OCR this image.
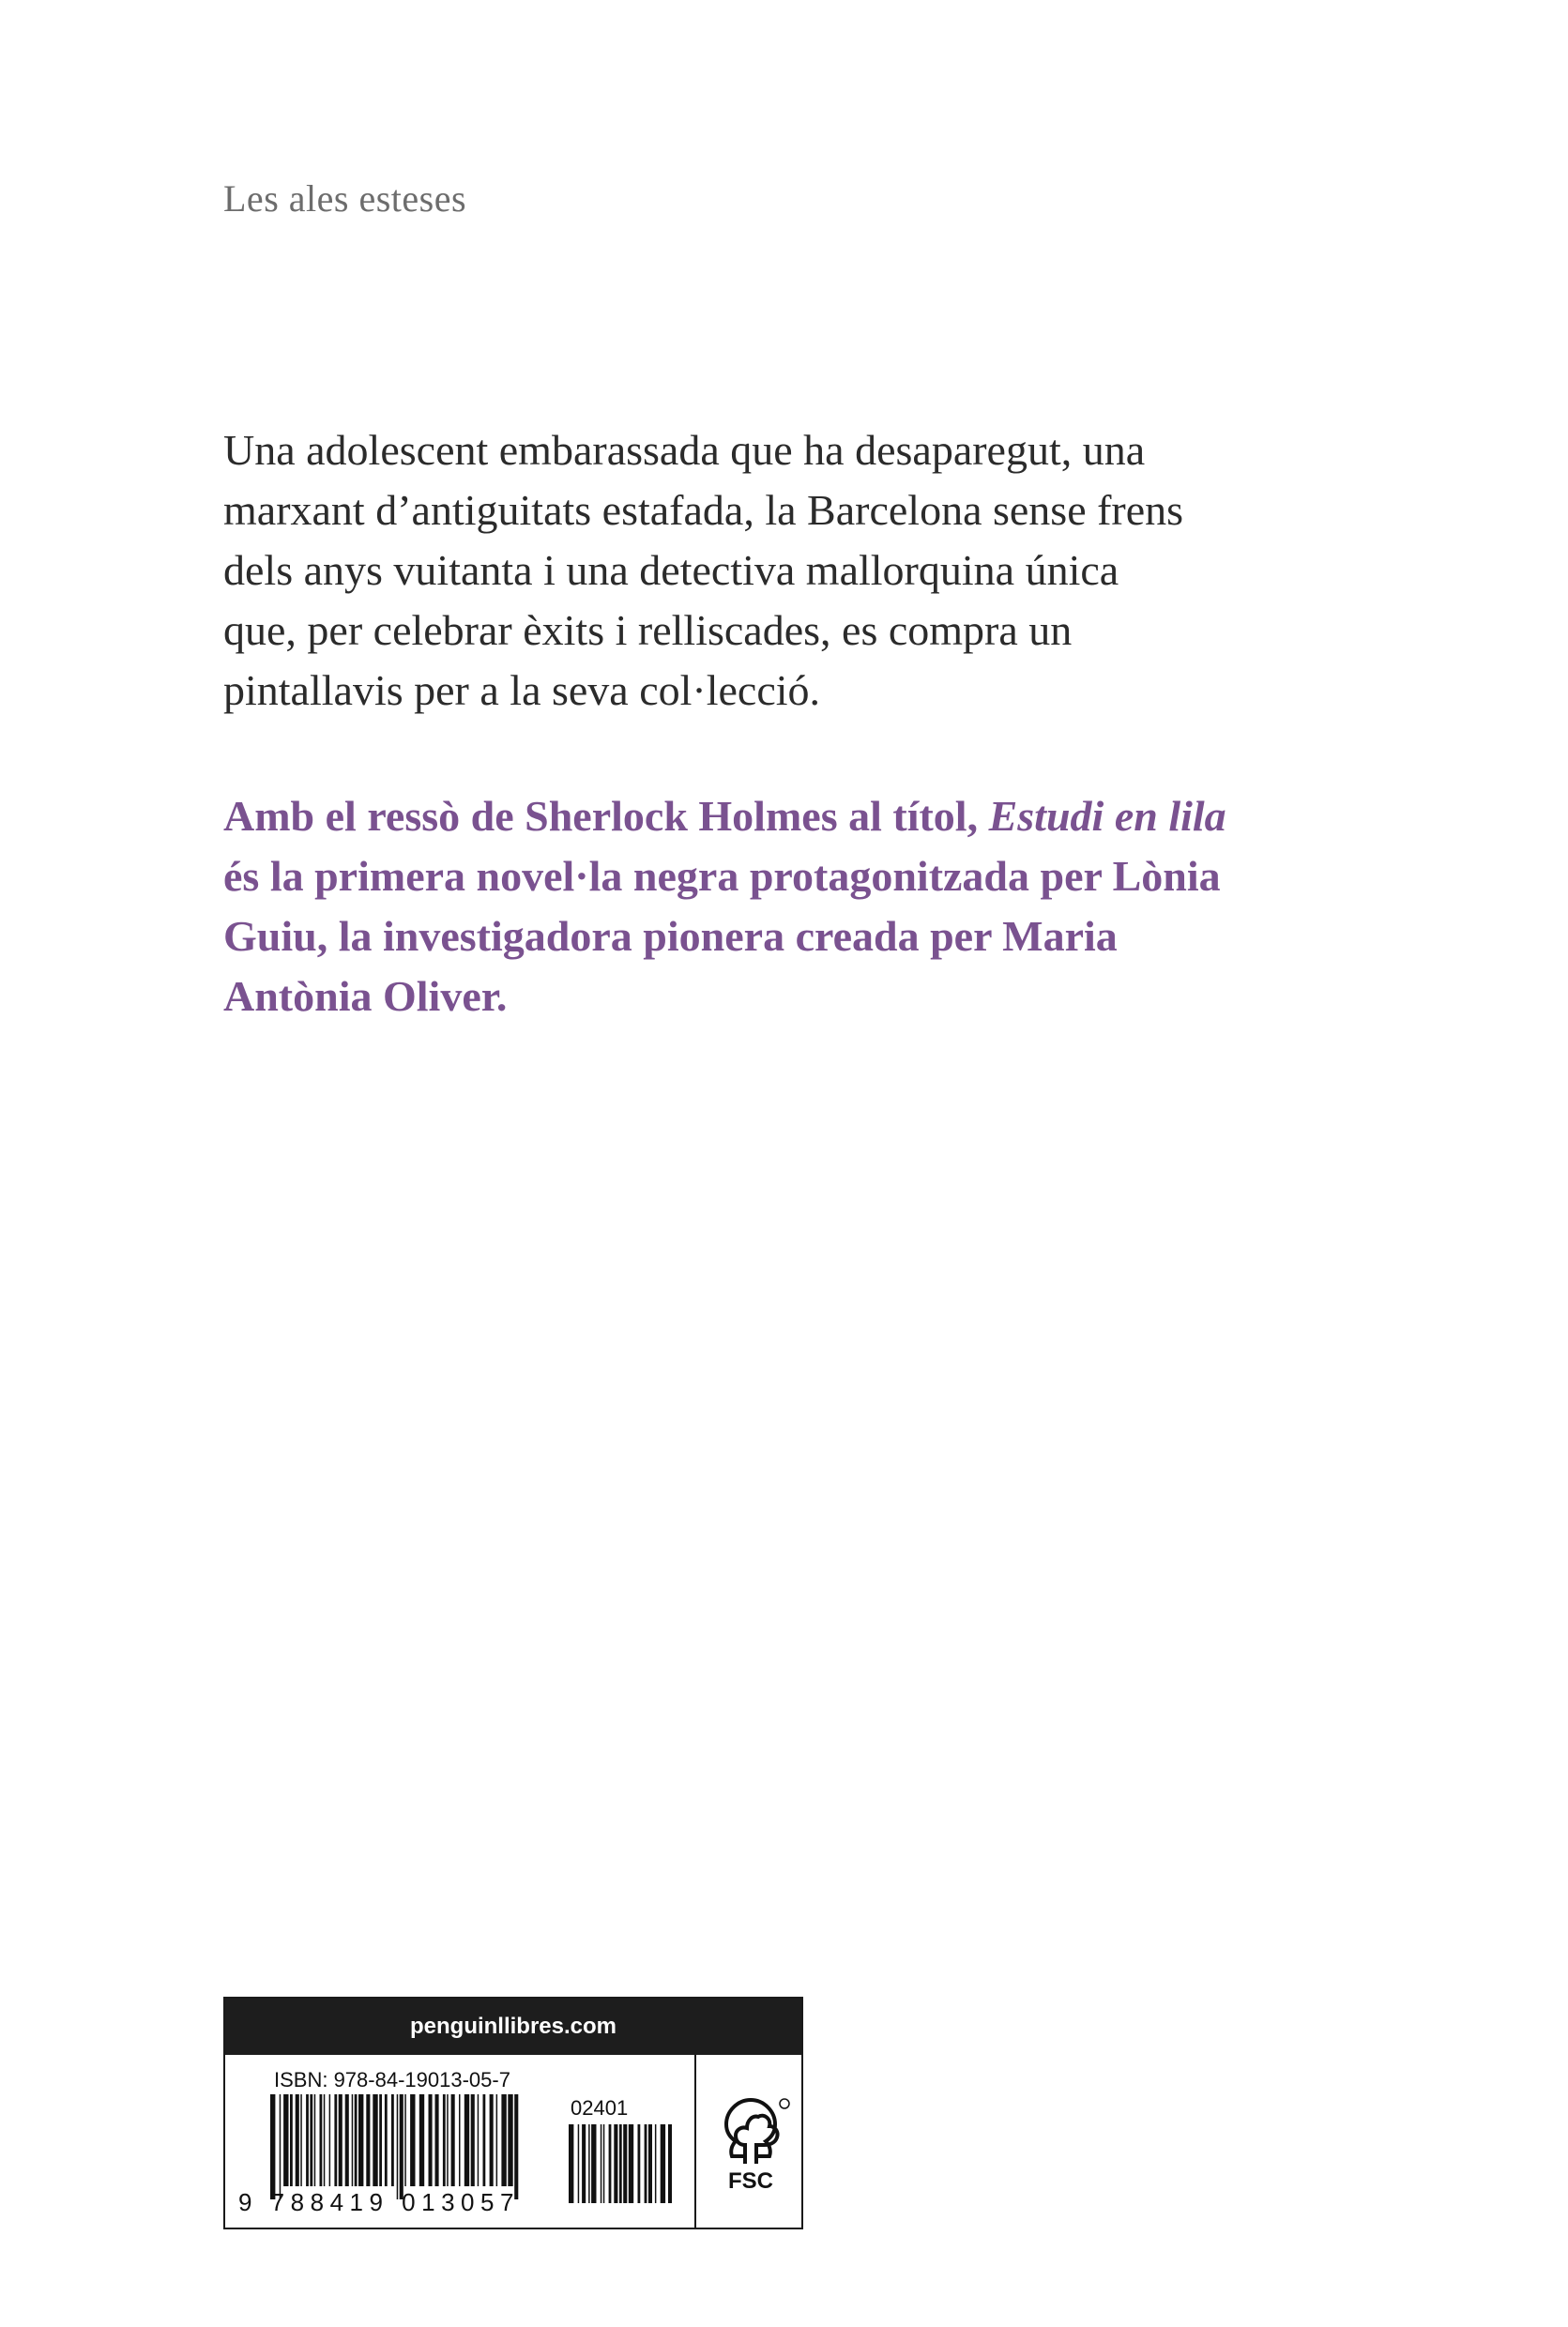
Les ales esteses

Una adolescent embarassada que ha desaparegut, una
marxant d’antiguitats estafada, la Barcelona sense frens
dels anys vuitanta i una detectiva mallorquina única
que, per celebrar èxits i relliscades, es compra un
pintallavis per a la seva col·lecció.
Amb el ressò de Sherlock Holmes al títol, Estudi en lila
és la primera novel·la negra protagonitzada per Lònia
Guiu, la investigadora pionera creada per Maria
Antònia Oliver.
penguinllibres.com
ISBN: 978-84-19013-05-7
9 788419 013057
02401
FSC
